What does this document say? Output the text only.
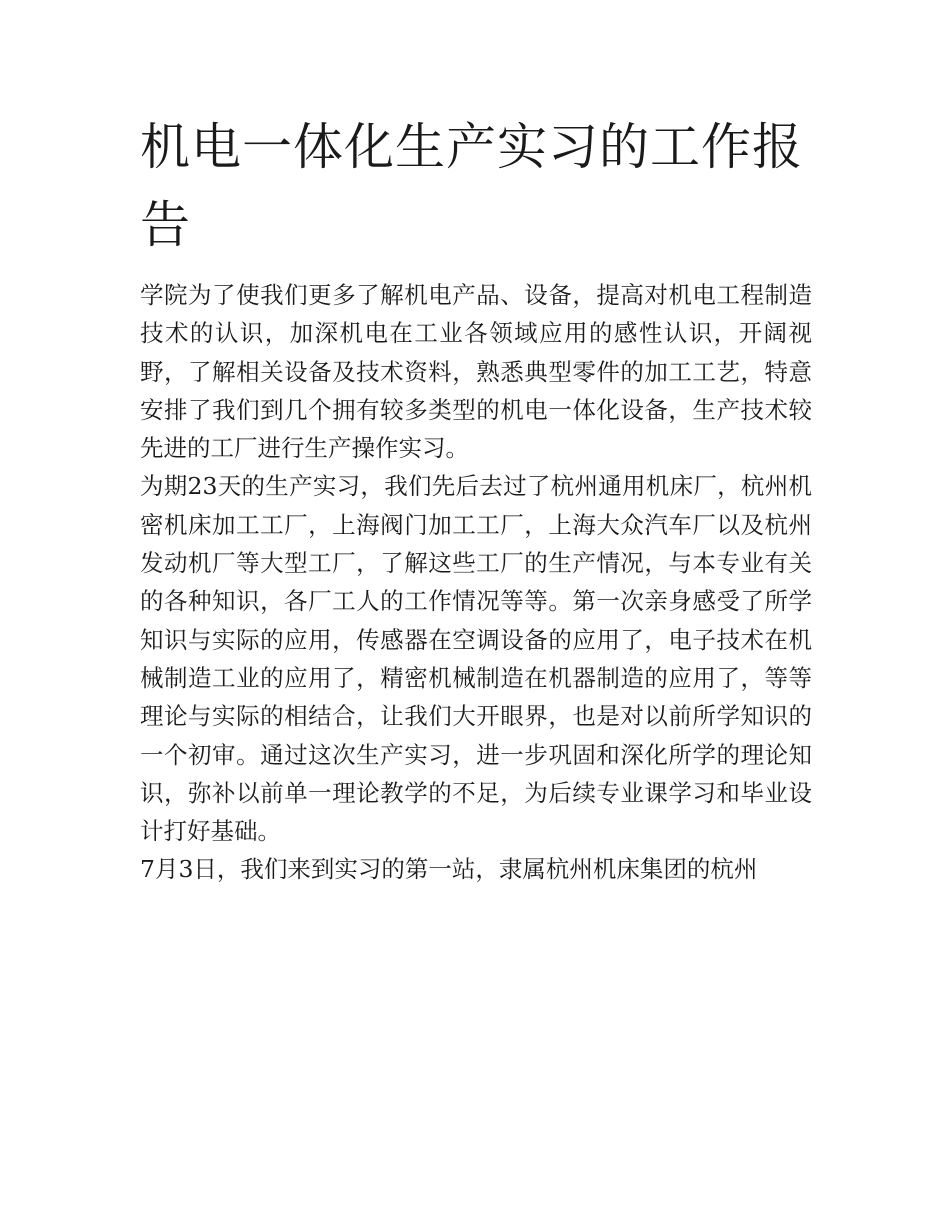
机电一体化生产实习的工作报告

学院为了使我们更多了解机电产品、设备，提高对机电工程制造技术的认识，加深机电在工业各领域应用的感性认识，开阔视野，了解相关设备及技术资料，熟悉典型零件的加工工艺，特意安排了我们到几个拥有较多类型的机电一体化设备，生产技术较先进的工厂进行生产操作实习。

为期23天的生产实习，我们先后去过了杭州通用机床厂，杭州机密机床加工工厂，上海阀门加工工厂，上海大众汽车厂以及杭州发动机厂等大型工厂，了解这些工厂的生产情况，与本专业有关的各种知识，各厂工人的工作情况等等。第一次亲身感受了所学知识与实际的应用，传感器在空调设备的应用了，电子技术在机械制造工业的应用了，精密机械制造在机器制造的应用了，等等理论与实际的相结合，让我们大开眼界，也是对以前所学知识的一个初审。通过这次生产实习，进一步巩固和深化所学的理论知识，弥补以前单一理论教学的不足，为后续专业课学习和毕业设计打好基础。

7月3日，我们来到实习的第一站，隶属杭州机床集团的杭州
